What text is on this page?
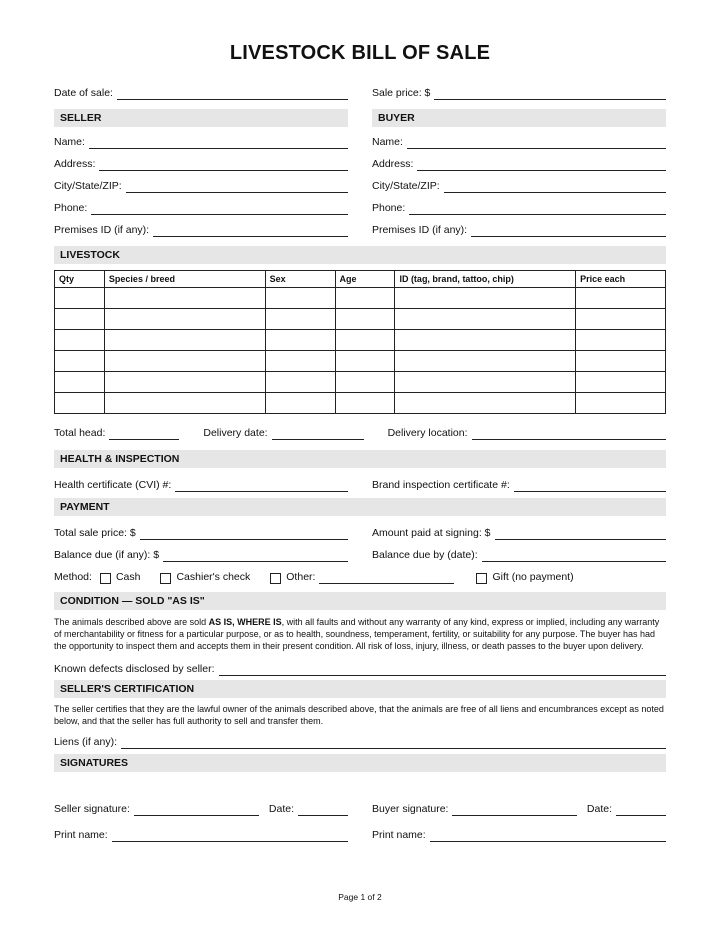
LIVESTOCK BILL OF SALE
Date of sale:	Sale price: $
SELLER	BUYER
Name:	Name:
Address:	Address:
City/State/ZIP:	City/State/ZIP:
Phone:	Phone:
Premises ID (if any):	Premises ID (if any):
LIVESTOCK
Qty	Species / breed	Sex	Age	ID (tag, brand, tattoo, chip)	Price each

Total head:	Delivery date:	Delivery location:
HEALTH & INSPECTION
Health certificate (CVI) #:	Brand inspection certificate #:
PAYMENT
Total sale price: $	Amount paid at signing: $
Balance due (if any): $	Balance due by (date):
Method: Cash	Cashier's check	Other:	Gift (no payment)
CONDITION — SOLD "AS IS"
The animals described above are sold AS IS, WHERE IS, with all faults and without any warranty of any kind, express or implied, including any warranty of merchantability or fitness for a particular purpose, or as to health, soundness, temperament, fertility, or suitability for any purpose. The buyer has had the opportunity to inspect them and accepts them in their present condition. All risk of loss, injury, illness, or death passes to the buyer upon delivery.
Known defects disclosed by seller:
SELLER'S CERTIFICATION
The seller certifies that they are the lawful owner of the animals described above, that the animals are free of all liens and encumbrances except as noted below, and that the seller has full authority to sell and transfer them.
Liens (if any):
SIGNATURES
Seller signature:	Date:	Buyer signature:	Date:
Print name:	Print name:
Page 1 of 2
